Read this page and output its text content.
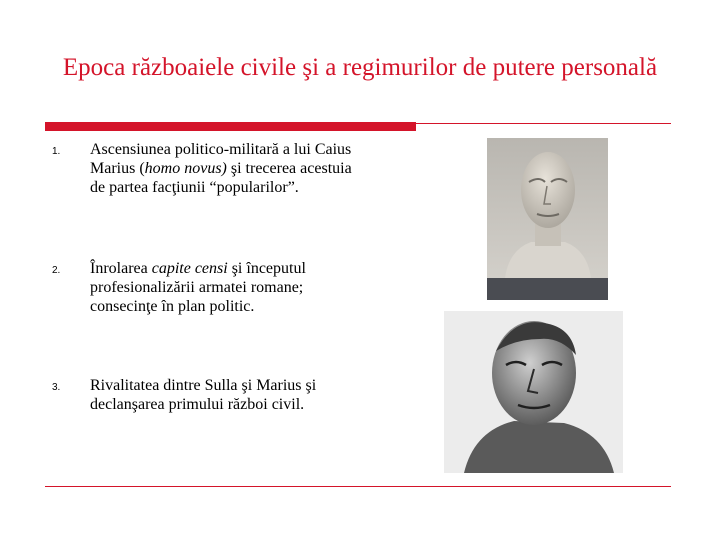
Epoca războaiele civile şi a regimurilor de putere personală
1. Ascensiunea politico-militară a lui Caius Marius (homo novus) şi trecerea acestuia de partea facţiunii “popularilor”.
2. Înrolarea capite censi şi începutul profesionalizării armatei romane; consecinţe în plan politic.
3. Rivalitatea dintre Sulla şi Marius şi declanşarea primului război civil.
